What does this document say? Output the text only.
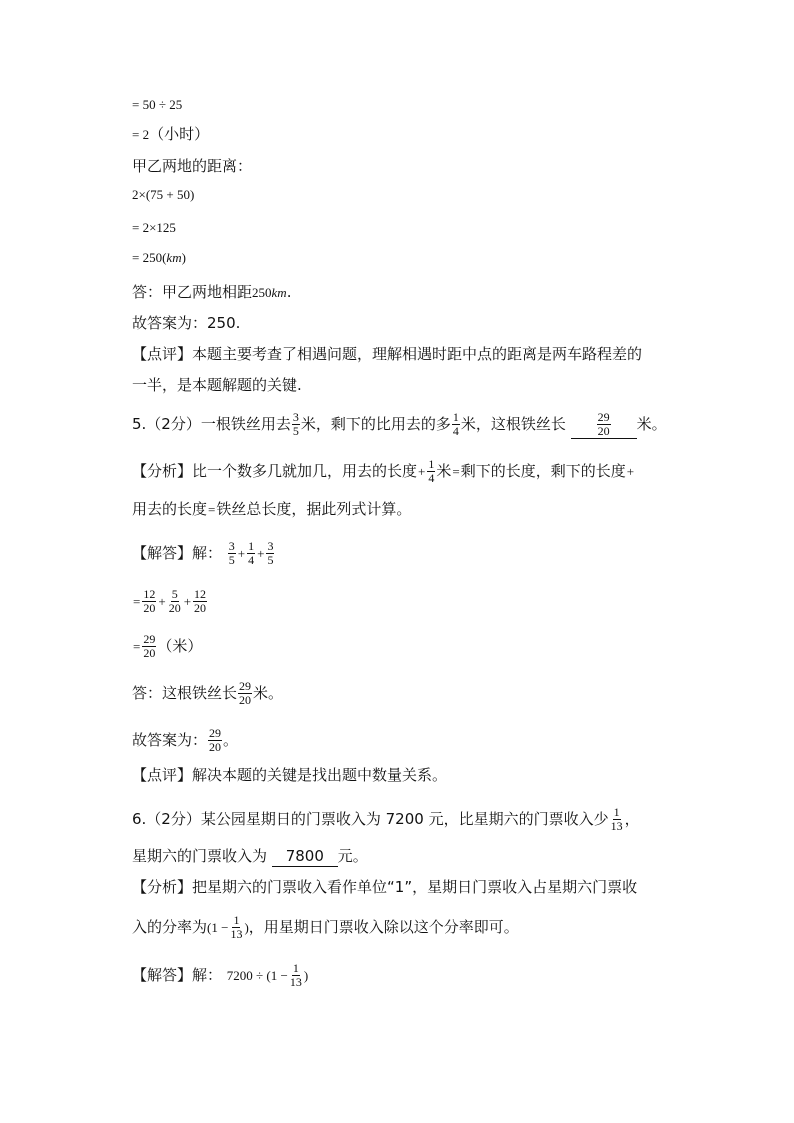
= 50 ÷ 25
= 2（小时）
甲乙两地的距离：
2×(75 + 50)
= 2×125
= 250(km)
答：甲乙两地相距250km.
故答案为：250.
【点评】本题主要考查了相遇问题，理解相遇时距中点的距离是两车路程差的
一半，是本题解题的关键.
5.（2分）一根铁丝用去 $\frac{3}{5}$ 米，剩下的比用去的多 $\frac{1}{4}$ 米，这根铁丝长	$\frac{29}{20}$ 米。
【分析】比一个数多几就加几，用去的长度+ $\frac{1}{4}$ 米=剩下的长度，剩下的长度+
用去的长度=铁丝总长度，据此列式计算。
【解答】解： $\frac{3}{5} + \frac{1}{4} + \frac{3}{5}$
= $\frac{12}{20} + \frac{5}{20} + \frac{12}{20}$
= $\frac{29}{20}$ （米）
答：这根铁丝长 $\frac{29}{20}$ 米。
故答案为： $\frac{29}{20}$ 。
【点评】解决本题的关键是找出题中数量关系。
6.（2分）某公园星期日的门票收入为 7200 元，比星期六的门票收入少 $\frac{1}{13}$ ，
星期六的门票收入为 7800 元。
【分析】把星期六的门票收入看作单位“1”，星期日门票收入占星期六门票收
入的分率为($1 - \frac{1}{13}$ )，用星期日门票收入除以这个分率即可。
【解答】解： $7200 \div (1 - \frac{1}{13}$ )
